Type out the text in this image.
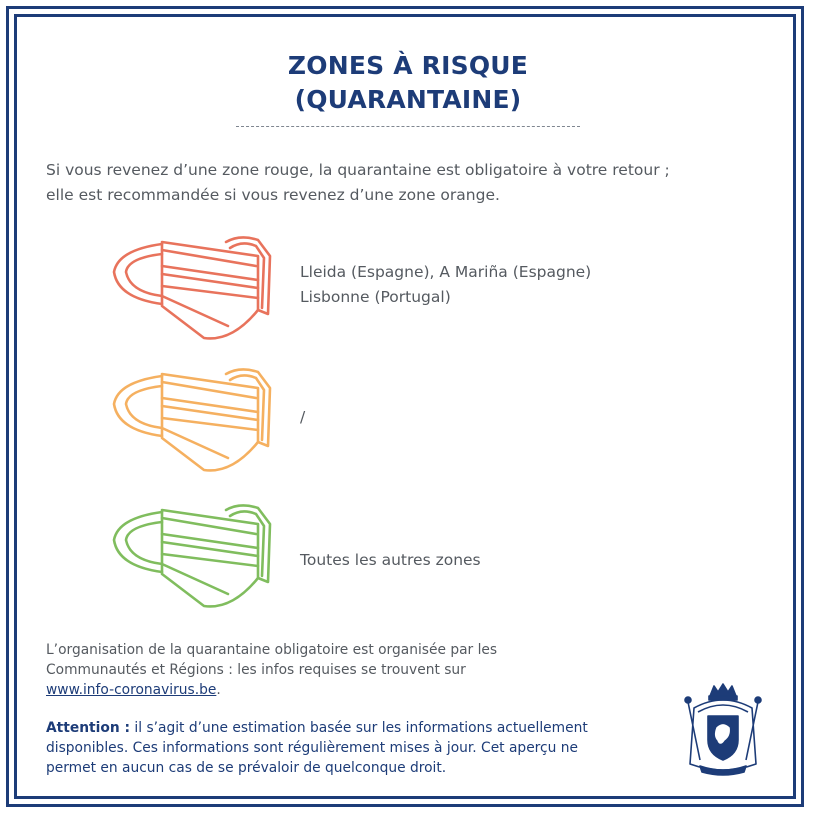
ZONES À RISQUE
(QUARANTAINE)
Si vous revenez d’une zone rouge, la quarantaine est obligatoire à votre retour ;
elle est recommandée si vous revenez d’une zone orange.
Lleida (Espagne), A Mariña (Espagne)
Lisbonne (Portugal)
/
Toutes les autres zones
L’organisation de la quarantaine obligatoire est organisée par les
Communautés et Régions : les infos requises se trouvent sur
www.info-coronavirus.be.
Attention : il s’agit d’une estimation basée sur les informations actuellement
disponibles. Ces informations sont régulièrement mises à jour. Cet aperçu ne
permet en aucun cas de se prévaloir de quelconque droit.
